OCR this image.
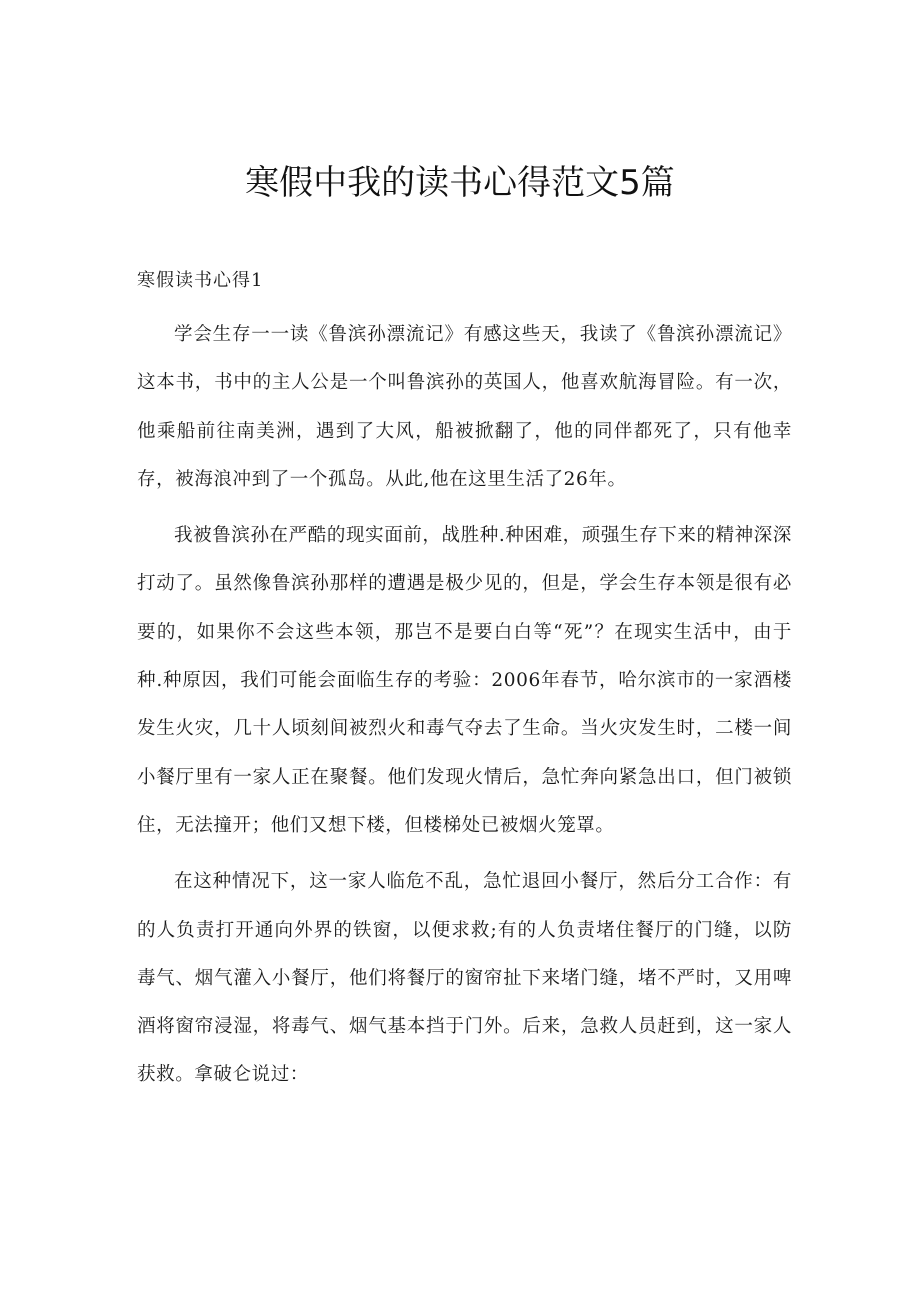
寒假中我的读书心得范文5篇
寒假读书心得1

学会生存一一读《鲁滨孙漂流记》有感这些天，我读了《鲁滨孙漂流记》这本书，书中的主人公是一个叫鲁滨孙的英国人，他喜欢航海冒险。有一次，他乘船前往南美洲，遇到了大风，船被掀翻了，他的同伴都死了，只有他幸存，被海浪冲到了一个孤岛。从此,他在这里生活了26年。

我被鲁滨孙在严酷的现实面前，战胜种.种困难，顽强生存下来的精神深深打动了。虽然像鲁滨孙那样的遭遇是极少见的，但是，学会生存本领是很有必要的，如果你不会这些本领，那岂不是要白白等“死”？在现实生活中，由于种.种原因，我们可能会面临生存的考验：2006年春节，哈尔滨市的一家酒楼发生火灾，几十人顷刻间被烈火和毒气夺去了生命。当火灾发生时，二楼一间小餐厅里有一家人正在聚餐。他们发现火情后，急忙奔向紧急出口，但门被锁住，无法撞开；他们又想下楼，但楼梯处已被烟火笼罩。

在这种情况下，这一家人临危不乱，急忙退回小餐厅，然后分工合作：有的人负责打开通向外界的铁窗，以便求救;有的人负责堵住餐厅的门缝，以防毒气、烟气灌入小餐厅，他们将餐厅的窗帘扯下来堵门缝，堵不严时，又用啤酒将窗帘浸湿，将毒气、烟气基本挡于门外。后来，急救人员赶到，这一家人获救。拿破仑说过：
